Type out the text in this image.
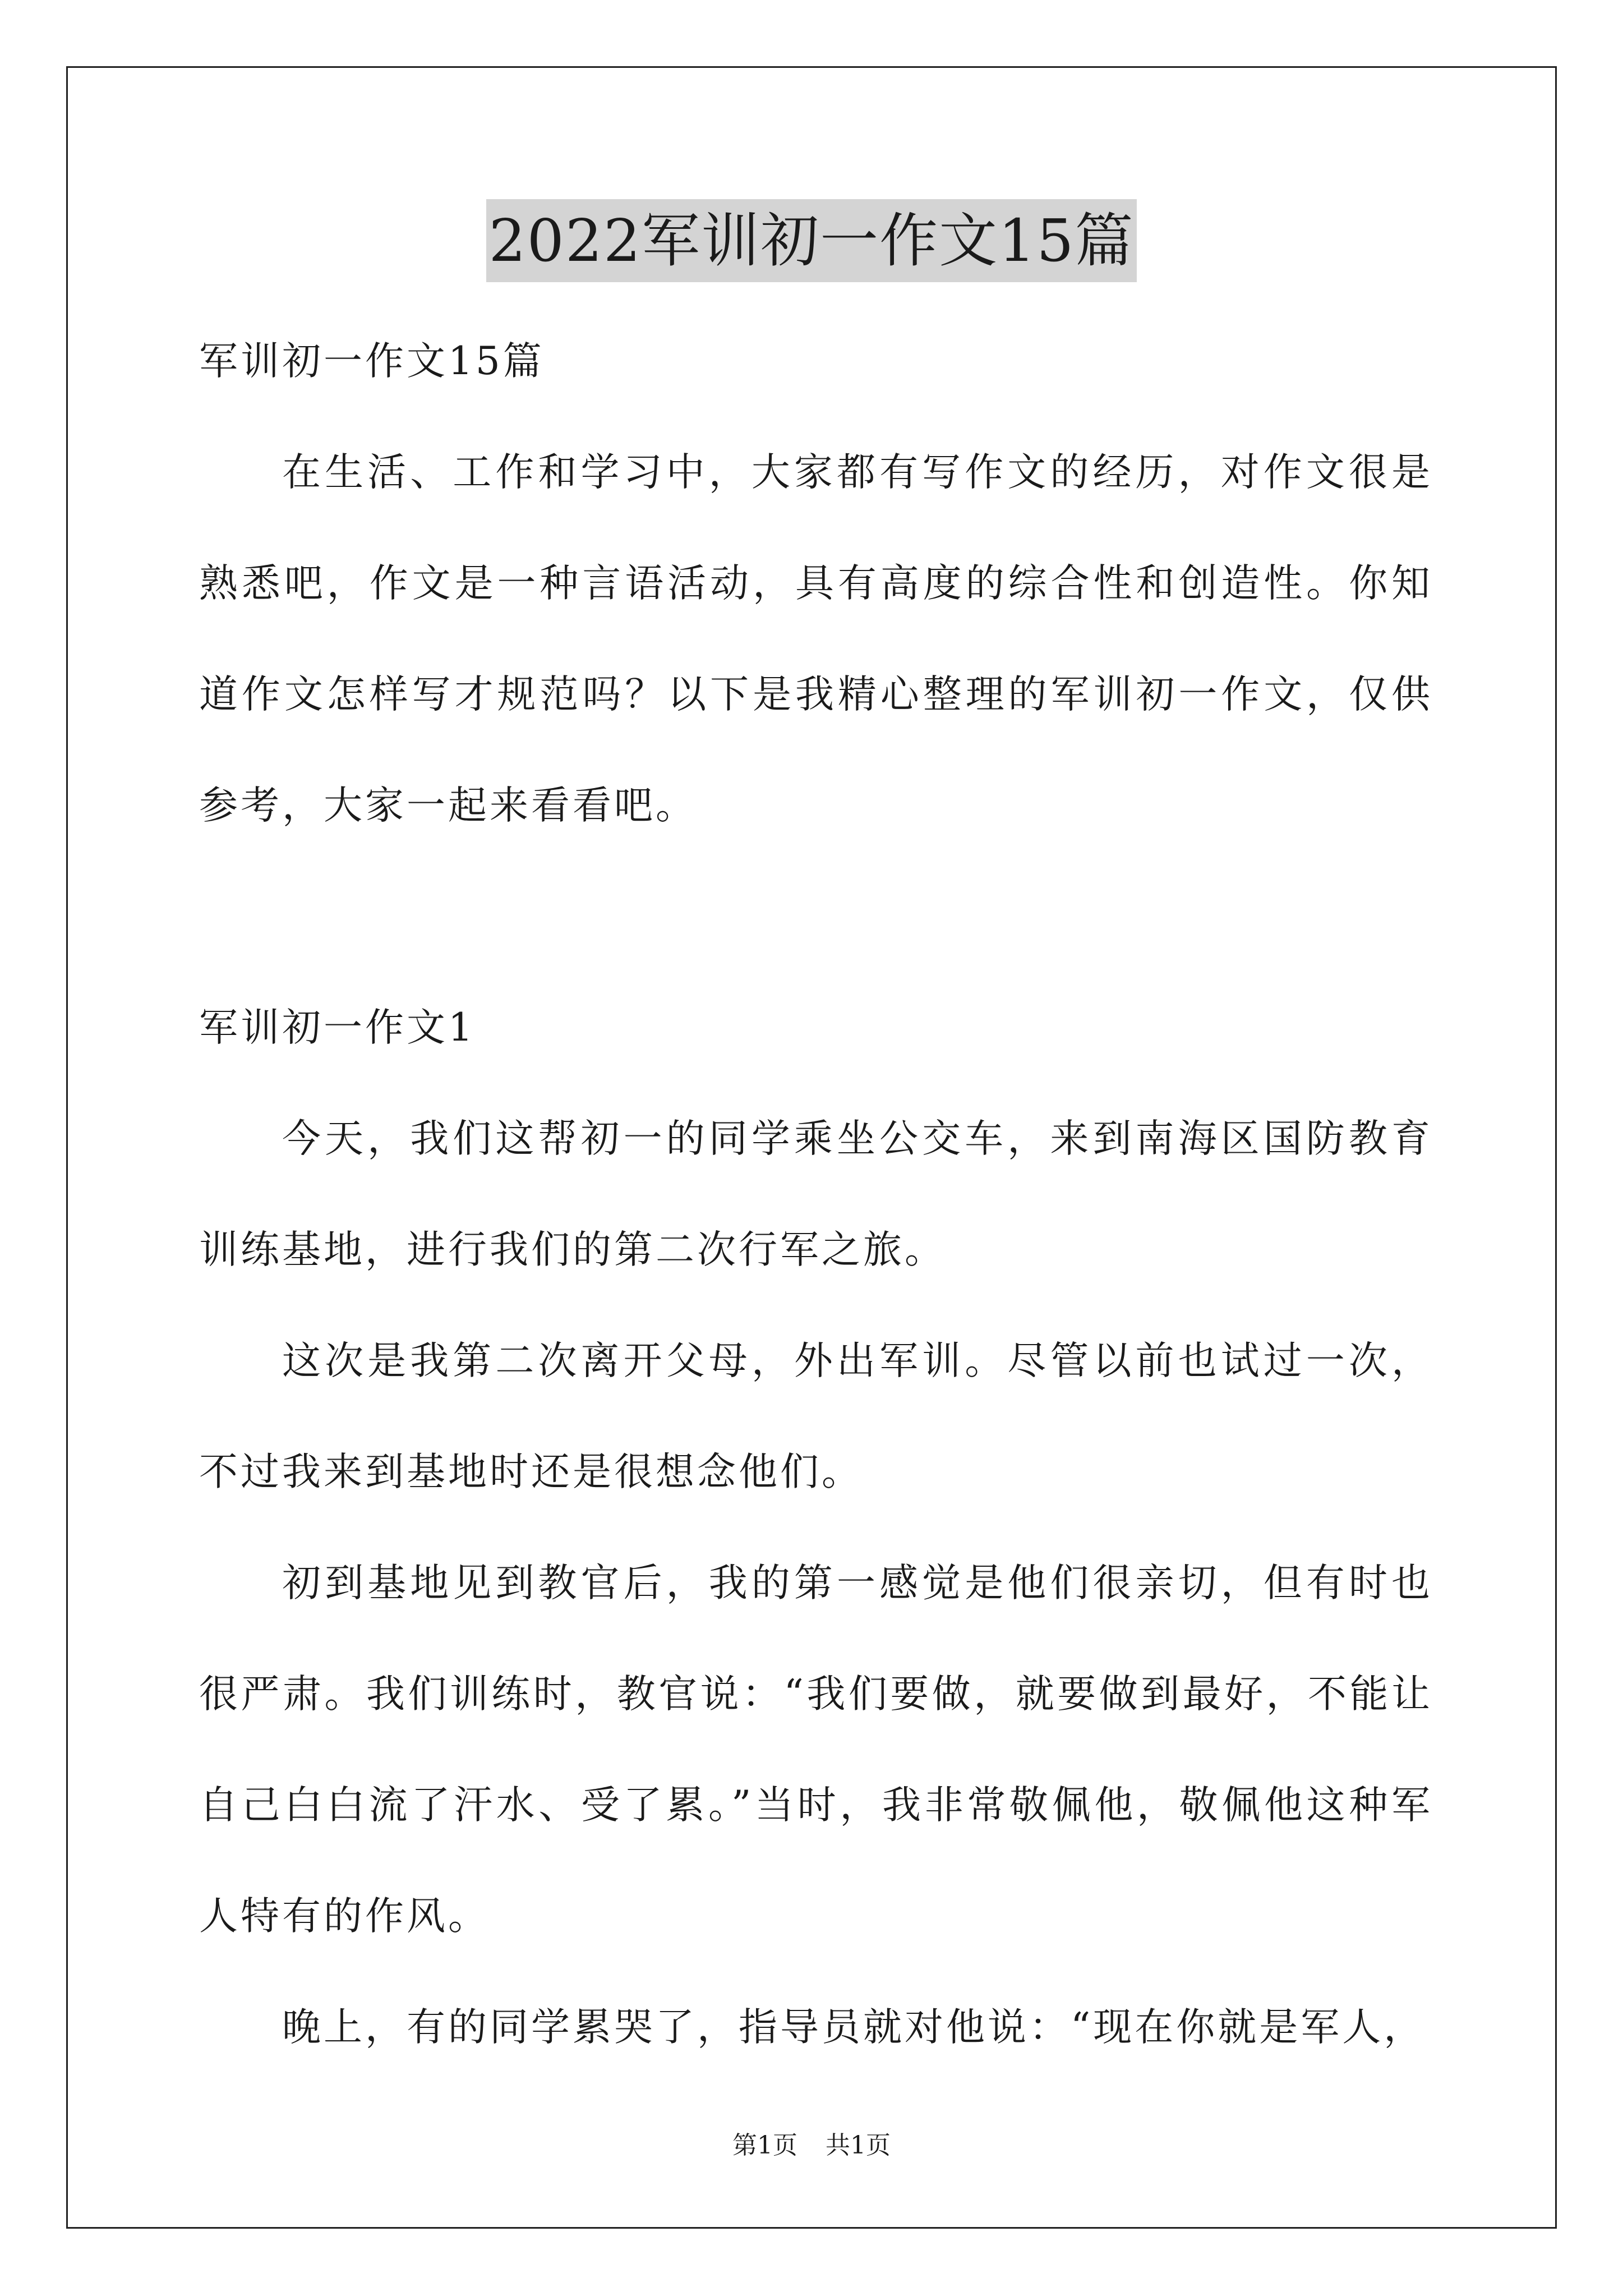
2022军训初一作文15篇

军训初一作文15篇

在生活、工作和学习中，大家都有写作文的经历，对作文很是熟悉吧，作文是一种言语活动，具有高度的综合性和创造性。你知道作文怎样写才规范吗？以下是我精心整理的军训初一作文，仅供参考，大家一起来看看吧。

军训初一作文1

今天，我们这帮初一的同学乘坐公交车，来到南海区国防教育训练基地，进行我们的第二次行军之旅。

这次是我第二次离开父母，外出军训。尽管以前也试过一次，不过我来到基地时还是很想念他们。

初到基地见到教官后，我的第一感觉是他们很亲切，但有时也很严肃。我们训练时，教官说：“我们要做，就要做到最好，不能让自己白白流了汗水、受了累。”当时，我非常敬佩他，敬佩他这种军人特有的作风。

晚上，有的同学累哭了，指导员就对他说：“现在你就是军人，

第1页 共1页
